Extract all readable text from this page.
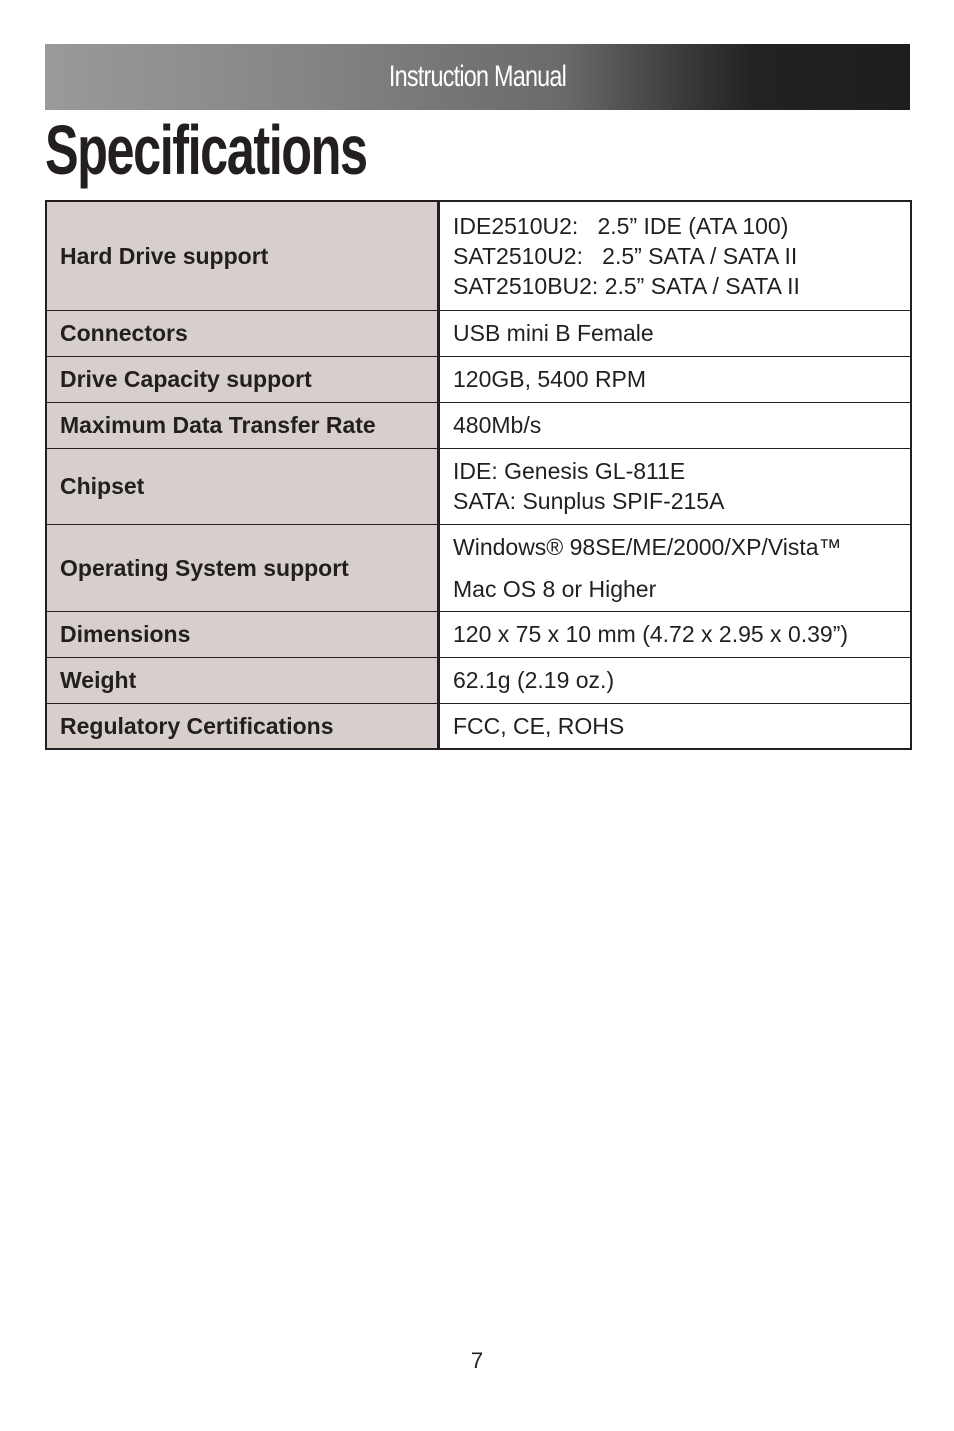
Instruction Manual
Specifications
Hard Drive support	IDE2510U2:   2.5” IDE (ATA 100)
SAT2510U2:   2.5” SATA / SATA II
SAT2510BU2: 2.5” SATA / SATA II

Connectors	USB mini B Female

Drive Capacity support	120GB, 5400 RPM

Maximum Data Transfer Rate	480Mb/s

Chipset	IDE: Genesis GL-811E
SATA: Sunplus SPIF-215A

Operating System support	Windows® 98SE/ME/2000/XP/Vista™
Mac OS 8 or Higher

Dimensions	120 x 75 x 10 mm (4.72 x 2.95 x 0.39”)

Weight	62.1g (2.19 oz.)

Regulatory Certifications	FCC, CE, ROHS
7
